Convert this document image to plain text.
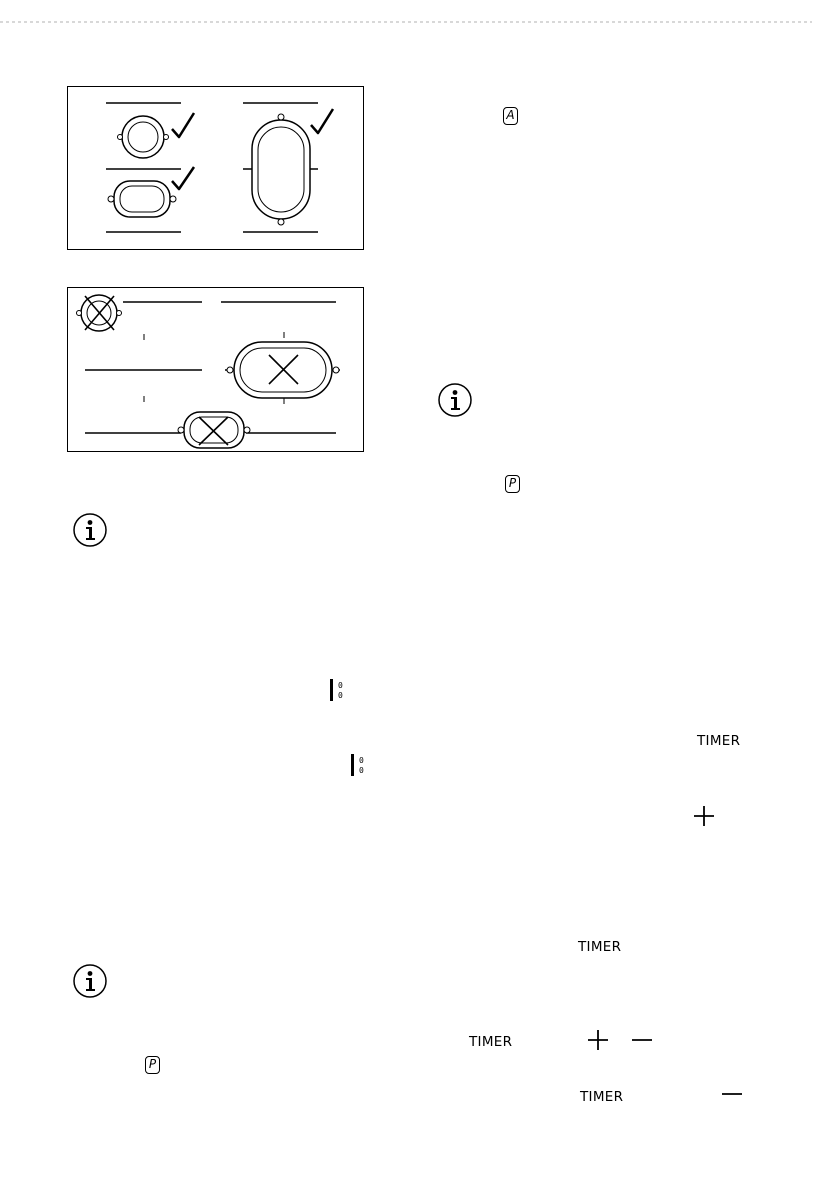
0
0
0
0
A
P
P
TIMER
TIMER
TIMER
TIMER
